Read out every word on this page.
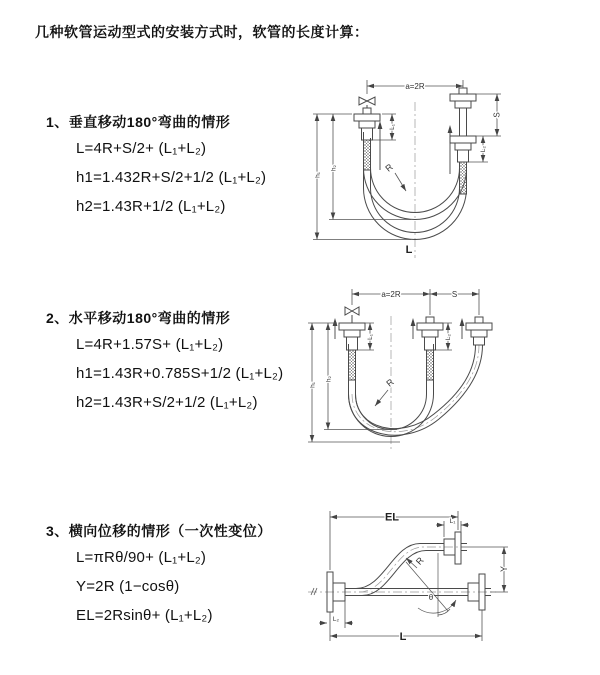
几种软管运动型式的安装方式时，软管的长度计算：
1、垂直移动180°弯曲的情形
L=4R+S/2+ (L₁+L₂)
h1=1.432R+S/2+1/2 (L₁+L₂)
h2=1.43R+1/2 (L₁+L₂)
2、水平移动180°弯曲的情形
L=4R+1.57S+ (L₁+L₂)
h1=1.43R+0.785S+1/2 (L₁+L₂)
h2=1.43R+S/2+1/2 (L₁+L₂)
3、横向位移的情形（一次性变位）
L=πRθ/90+ (L₁+L₂)
Y=2R (1−cosθ)
EL=2Rsinθ+ (L₁+L₂)
a=2R
S
L₂
L₁
h₁
h₂	R
L
a=2R	S
h₁
h₂
L₁	L₂
R
EL	L₁
L₂
L
Y
R
θ
